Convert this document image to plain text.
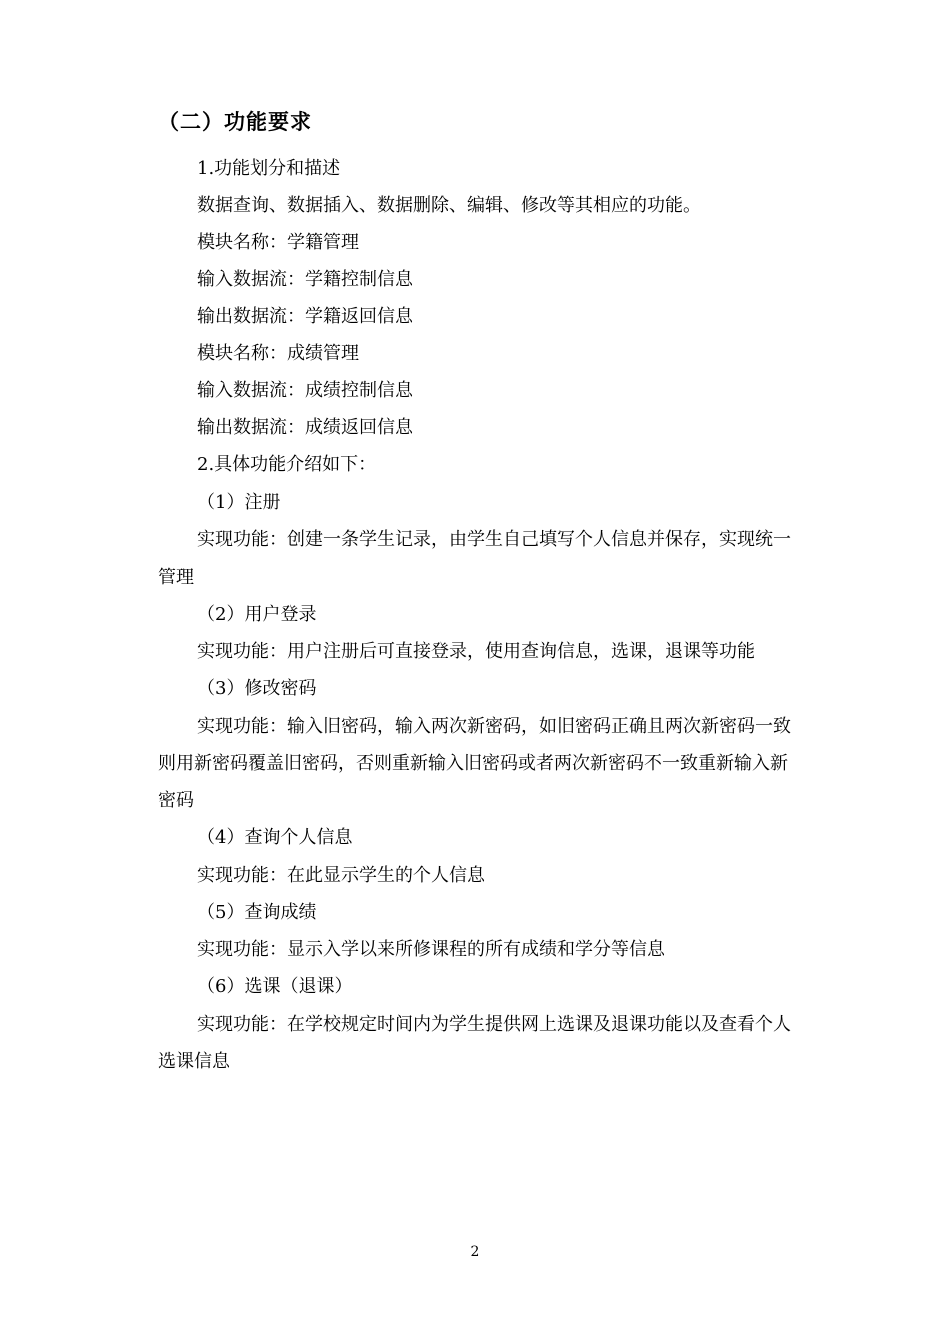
（二）功能要求
1.功能划分和描述
数据查询、数据插入、数据删除、编辑、修改等其相应的功能。
模块名称：学籍管理
输入数据流：学籍控制信息
输出数据流：学籍返回信息
模块名称：成绩管理
输入数据流：成绩控制信息
输出数据流：成绩返回信息
2.具体功能介绍如下：
（1）注册
实现功能：创建一条学生记录，由学生自己填写个人信息并保存，实现统一
管理
（2）用户登录
实现功能：用户注册后可直接登录，使用查询信息，选课，退课等功能
（3）修改密码
实现功能：输入旧密码，输入两次新密码，如旧密码正确且两次新密码一致
则用新密码覆盖旧密码，否则重新输入旧密码或者两次新密码不一致重新输入新
密码
（4）查询个人信息
实现功能：在此显示学生的个人信息
（5）查询成绩
实现功能：显示入学以来所修课程的所有成绩和学分等信息
（6）选课（退课）
实现功能：在学校规定时间内为学生提供网上选课及退课功能以及查看个人
选课信息
2
